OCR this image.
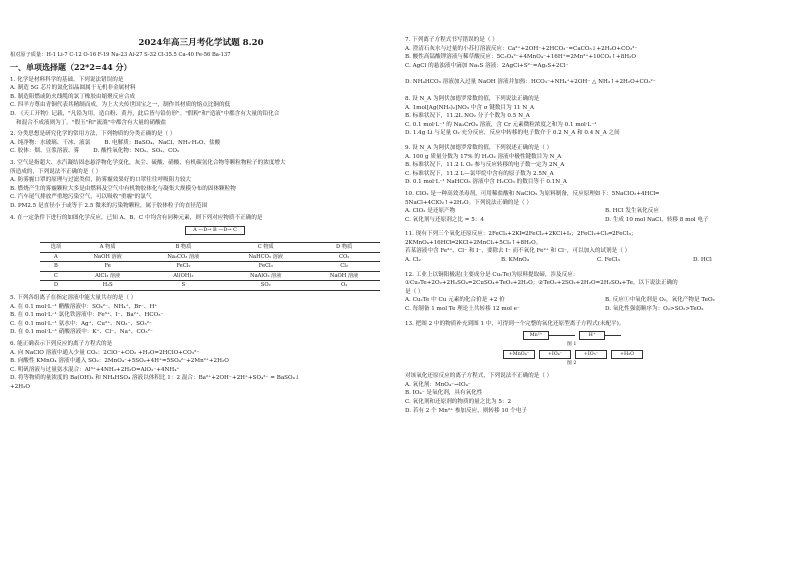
2024年高三月考化学试题 8.20
相对原子质量：H-1 Li-7 C-12 O-16 F-19 Na-23 Al-27 S-32 Cl-35.5 Ca-40 Fe-56 Ba-137
一、单项选择题（22*2=44 分）
1. 化学是材料科学的基础。下列说法错误的是
A. 制造 5G 芯片的氮化铝晶圆属于无机非金属材料
B. 制造阻燃或防火线缆的氯丁橡胶由缩聚反应合成
C. 四羊方尊由青铜代表其精制而成，为上大夫传世国宝之一，制作其材质的熔点比铜的低
D. 《天工开物》记载，"凡铅为用，造白粉、黄丹，此后皆与铅仿形"。"假粉"和"造液"中都含有大量的铅化合
和混合不成液则为丁。"假玉"和"流淌"中都含有大量的硝酸盐
2. 分类思想是研究化学的常用方法，下列物质的分类正确的是（ ）
A. 纯净物：水玻璃、干冰、液氯	B. 电解质：BaSO₄、NaCl、NH₃·H₂O、盐酸
C. 胶体：烟、豆浆溶液、雾	D. 酸性氧化物：NO₂、SO₂、CO₂
3. 空气是指超大、水汽凝结固态悬浮物化学变化，灰尘、硫酸、硝酸、有机碳氢化合物等颗粒物粒子的浓度增大
所造成的，下列说法不正确的是（ ）
A. 防雾霾口罩的原理与过滤类似，防雾霾效果好的口罩往往呼吸阻力较大
B. 燃烧产生的雾霾颗粒大多是由燃料及空气中有机物胶体化与凝集大规模分布的固体颗粒物
C. 汽车尾气排放严重地污染空气，可以吸收"重霾"的氯气
D. PM2.5 是直径小于或等于 2.5 微米的污染物颗粒，属于胶体粒子的直径范围
4. 在一定条件下进行的如图化学反应，已知 A、B、C 中均含有同种元素，则下列对应物质不正确的是
A —D→ B —D→ C
选项	A 物质	B 物质	C 物质	D 物质
A	NaOH 溶液	Na₂CO₃ 溶液	NaHCO₃ 溶液	CO₂
B	Fe	FeCl₂	FeCl₃	Cl₂
C	AlCl₃ 溶液	Al(OH)₃	NaAlO₂ 溶液	NaOH 溶液
D	H₂S	S	SO₂	O₂
5. 下列各组离子在指定溶液中能大量共存的是（ ）
A. 在 0.1 mol·L⁻¹ 醋酸溶液中：SO₄²⁻、NH₄⁺、Br⁻、H⁺
B. 在 0.1 mol·L⁻¹ 氯化铁溶液中：Fe³⁺、I⁻、Ba²⁺、HCO₃⁻
C. 在 0.1 mol·L⁻¹ 氨水中：Ag⁺、Cu²⁺、NO₃⁻、SO₃²⁻
D. 在 0.1 mol·L⁻¹ 硝酸溶液中：K⁺、Cl⁻、Na⁺、CO₃²⁻
6. 能正确表示下列反应的离子方程式的是
A. 向 NaClO 溶液中通入少量 CO₂：2ClO⁻+CO₂ +H₂O=2HClO+CO₃²⁻
B. 向酸性 KMnO₄ 溶液中通入 SO₂：2MnO₄⁻+5SO₂+4H⁺=5SO₄²⁻+2Mn²⁺+2H₂O
C. 明矾溶液与过量氨水混合：Al³⁺+4NH₃+2H₂O=AlO₂⁻+4NH₄⁺
D. 将等物质的量浓度的 Ba(OH)₂ 和 NH₄HSO₄ 溶液以体积比 1：2 混合：Ba²⁺+2OH⁻+2H⁺+SO₄²⁻ = BaSO₄↓
+2H₂O
7. 下列离子方程式书写错误的是（ ）
A. 澄清石灰水与过量的小苏打溶液反应：Ca²⁺+2OH⁻+2HCO₃⁻=CaCO₃↓+2H₂O+CO₃²⁻
B. 酸性高锰酸钾溶液与稀草酸反应：5C₂O₄²⁻+4MnO₄⁻+16H⁺=2Mn²⁺+10CO₂↑+8H₂O
C. AgCl 的悬浊液中滴加 Na₂S 溶液：2AgCl+S²⁻=Ag₂S+2Cl⁻
D. NH₄HCO₃ 溶液加入过量 NaOH 溶液并加热：HCO₃⁻+NH₄⁺+2OH⁻ △ NH₃↑+2H₂O+CO₃²⁻
8. 设 N_A 为阿伏加德罗常数的值，下列说法正确的是
A. 1mol[Ag(NH₃)₂]NO₃ 中含 σ 键数目为 11 N_A
B. 标准状况下，11.2L NO₂ 分子个数为 0.5 N_A
C. 0.1 mol·L⁻¹ 的 Na₂CrO₄ 溶液，含 Cr 元素微粒浓度之和为 0.1 mol·L⁻¹
D. 1.4g Li 与足量 O₂ 充分反应，反应中转移的电子数介于 0.2 N_A 和 0.4 N_A 之间
9. 设 N_A 为阿伏加德罗常数的值，下列叙述正确的是（ ）
A. 100 g 质量分数为 17% 的 H₂O₂ 溶液中极性键数目为 N_A
B. 标准状况下，11.2 L O₂ 参与反应转移的电子数一定为 2N_A
C. 标准状况下，11.2 L—氯甲烷中含有的原子数为 2.5N_A
D. 0.1 mol·L⁻¹ NaHCO₃ 溶液中含 H₂CO₃ 的数目等于 0.1N_A
10. ClO₂ 是一种高效杀毒剂，可用稀盐酸和 NaClO₃ 为原料制备，反应原理如下：5NaClO₂+4HCl═
5NaCl+4ClO₂↑+2H₂O。下列说法正确的是（ ）
A. ClO₂ 是还原产物	B. HCl 发生氧化反应
C. 氧化剂与还原剂之比 = 5：4	D. 生成 10 mol NaCl，转移 8 mol 电子
11. 现有下列三个氧化还原反应：2FeCl₃+2KI═2FeCl₂+2KCl+I₂；2FeCl₂+Cl₂═2FeCl₃；
2KMnO₄+16HCl═2KCl+2MnCl₂+5Cl₂↑+8H₂O。
若某溶液中含 Fe²⁺、Cl⁻ 和 I⁻，要除去 I⁻ 而不氧化 Fe²⁺ 和 Cl⁻，可以加入的试剂是（ ）
A. Cl₂	B. KMnO₄	C. FeCl₃	D. HCl
12. 工业上以铜阳极泥(主要成分是 Cu₂Te)为原料提取碲，涉及反应：
①Cu₂Te+2O₂+2H₂SO₄=2CuSO₄+TeO₂+2H₂O；②TeO₂+2SO₂+2H₂O=2H₂SO₄+Te。以下说法正确的
是（ ）
A. Cu₂Te 中 Cu 元素的化合价是 +2 价	B. 反应①中氧化剂是 O₂，氧化产物是 TeO₂
C. 每制备 1 mol Te 理论上共转移 12 mol e⁻	D. 氧化性强弱顺序为：O₂>SO₂>TeO₂
13. 把图 2 中的物质补充到图 1 中，可得到一个完整的氧化还原型离子方程式(未配平)。
Mn²⁺	H⁺
图 1
+MnO₄⁻	+IO₄⁻	+IO₃⁻	+H₂O
图 2
对该氧化还原反应的离子方程式，下列说法不正确的是（ ）
A. 氧化剂：MnO₄⁻→IO₄⁻
B. IO₄⁻ 是氧化剂，具有氧化性
C. 氧化剂和还原剂的物质的量之比为 5：2
D. 若有 2 个 Mn²⁺ 参加反应，则转移 10 个电子
